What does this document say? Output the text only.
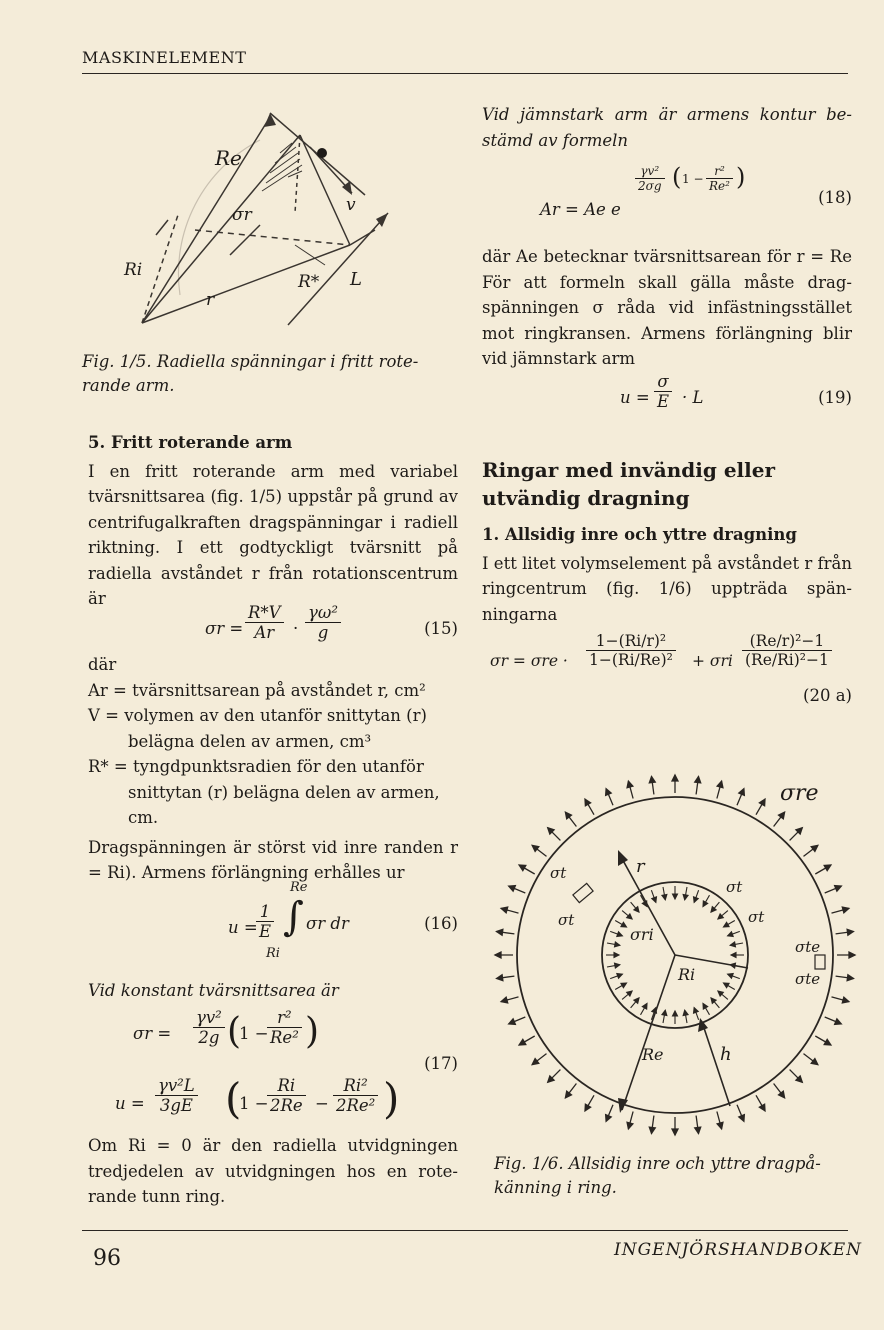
MASKINELEMENT
Re
Ri
σr	v
R* L
r
Fig. 1/5. Radiella spänningar i fritt roterande arm.
5. Fritt roterande arm

I en fritt roterande arm med variabel tvärsnittsarea (fig. 1/5) uppstår på grund av centrifugalkraften dragspänningar i radiell riktning. I ett godtyckligt tvärsnitt på radiella avståndet r från rotationscentrum är

$\sigma r = \frac{R*V}{Ar} \cdot \frac{\text{γω²}}{g}$	(15)
där
Ar = tvärsnittsarean på avståndet r, cm²
V = volymen av den utanför snittytan (r)
belägna delen av armen, cm³
R* = tyngdpunktsradien för den utanför
snittytan (r) belägna delen av armen,
cm.

Dragspänningen är störst vid inre randen r = Ri). Armens förlängning erhålles ur

u =
$\frac{1}{E}$
Re
∫
Ri
σr dr	(16)
Vid konstant tvärsnittsarea är
$\sigma r = \frac{\text{γv²}}{2g}$ (
1 −
$\frac{\text{r²}}{\text{Re²}}$ )
(17)
$u = \frac{\text{γv²L}}{3gE}$ (
1 −
$\frac{Ri}{2Re} - \frac{\text{Ri²}}{\text{2Re²}}$ )

Om Ri = 0 är den radiella utvidgningen tredjedelen av utvidgningen hos en roterande tunn ring.

Vid jämnstark arm är armens kontur bestämd av formeln

Ar = Ae e
$\frac{\text{γv²}}{2\sigma g}$ ( $1 - \frac{\text{r²}}{\text{Re²}}$ )
(18)

där Ae betecknar tvärsnittsarean för r = Re För att formeln skall gälla måste dragspänningen σ råda vid infästningsstället mot ringkransen. Armens förlängning blir vid jämnstark arm

$u = \frac{\sigma}{E} \cdot L$	(19)
Ringar med invändig eller utvändig dragning
1. Allsidig inre och yttre dragning

I ett litet volymselement på avståndet r från ringcentrum (fig. 1/6) uppträda spänningarna

$\sigma r = \sigma re \cdot \frac{\text{1−(Ri/r)²}}{\text{1−(Ri/Re)²}} + \sigma ri \frac{\text{(Re/r)²−1}}{\text{(Re/Ri)²−1}}$
(20 a)
σre
r
σt
σt
σt
σt
σri
Ri
Re	h
σte
σte
Fig. 1/6. Allsidig inre och yttre dragpåkänning i ring.
96	INGENJÖRSHANDBOKEN
